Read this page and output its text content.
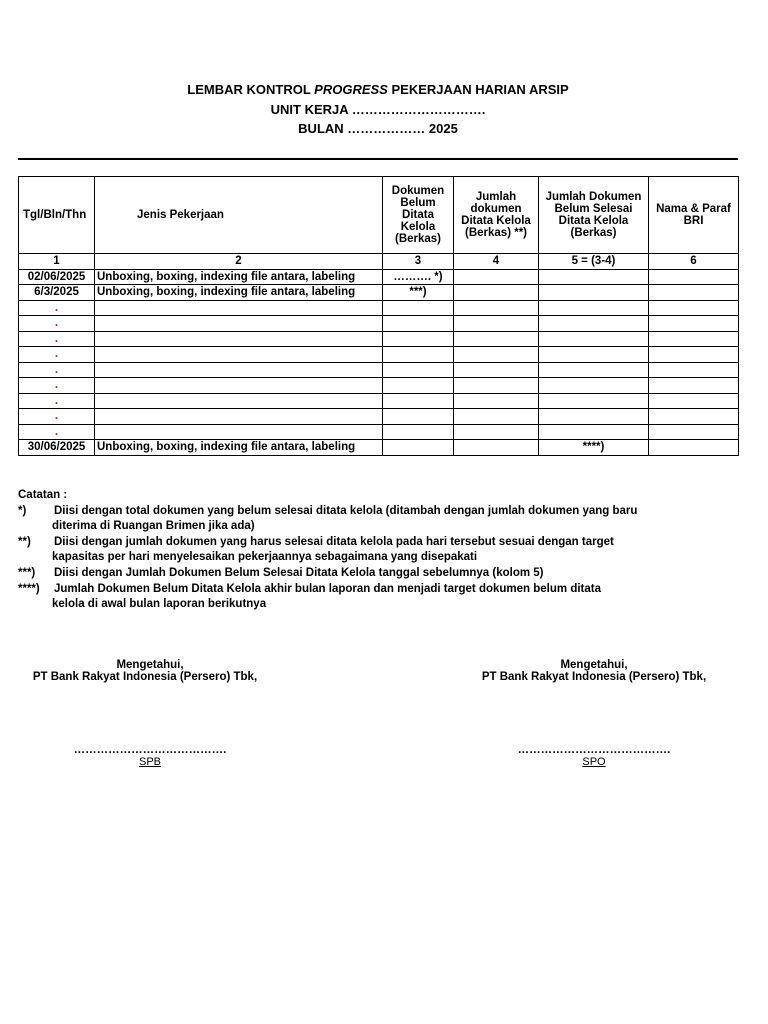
LEMBAR KONTROL PROGRESS PEKERJAAN HARIAN ARSIP
UNIT KERJA ………………………….
BULAN ……………… 2025
Tgl/Bln/Thn	Jenis Pekerjaan	Dokumen Belum Ditata Kelola (Berkas)	Jumlah dokumen Ditata Kelola (Berkas) **)	Jumlah Dokumen Belum Selesai Ditata Kelola (Berkas)	Nama & Paraf BRI
1	2	3	4	5 = (3-4)	6
02/06/2025	Unboxing, boxing, indexing file antara, labeling	………. *)			
6/3/2025	Unboxing, boxing, indexing file antara, labeling	***)			
.					
.					
.					
.					
.					
.					
.					
.					
.					
30/06/2025	Unboxing, boxing, indexing file antara, labeling			****)	
Catatan :
*)	Diisi dengan total dokumen yang belum selesai ditata kelola (ditambah dengan jumlah dokumen yang baru
diterima di Ruangan Brimen jika ada)
**)	Diisi dengan jumlah dokumen yang harus selesai ditata kelola pada hari tersebut sesuai dengan target
kapasitas per hari menyelesaikan pekerjaannya sebagaimana yang disepakati
***)	Diisi dengan Jumlah Dokumen Belum Selesai Ditata Kelola tanggal sebelumnya (kolom 5)
****)	Jumlah Dokumen Belum Ditata Kelola akhir bulan laporan dan menjadi target dokumen belum ditata
kelola di awal bulan laporan berikutnya
Mengetahui,
PT Bank Rakyat Indonesia (Persero) Tbk,
………………………………….
SPB
Mengetahui,
PT Bank Rakyat Indonesia (Persero) Tbk,
………………………………….
SPO
